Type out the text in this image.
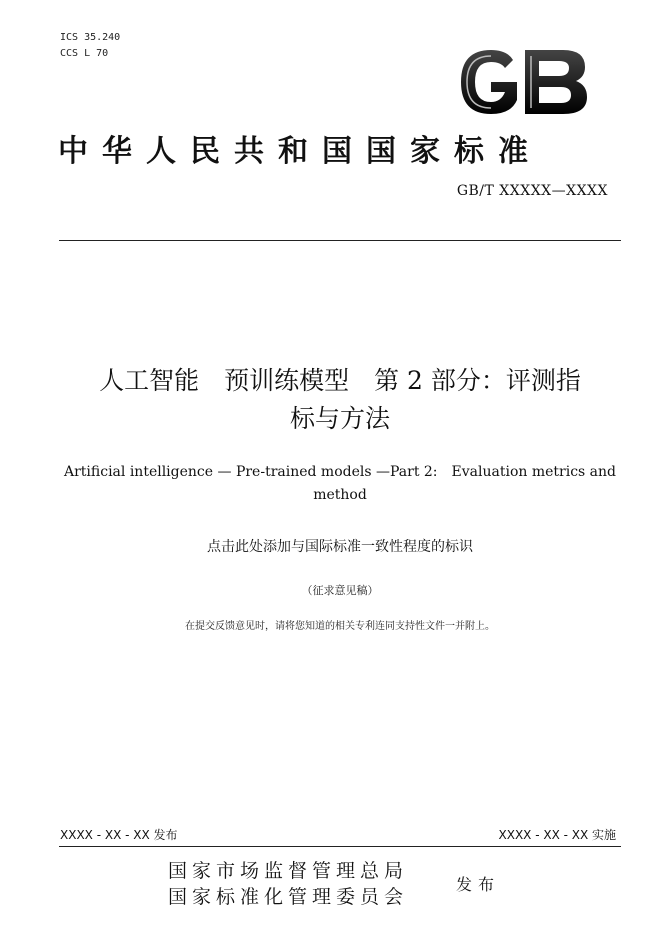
ICS 35.240
CCS L 70
中华人民共和国国家标准
GB/T XXXXX—XXXX
人工智能　预训练模型　第 2 部分：评测指
标与方法
Artificial intelligence — Pre-trained models —Part 2:　Evaluation metrics and
method
点击此处添加与国际标准一致性程度的标识
（征求意见稿）
在提交反馈意见时，请将您知道的相关专利连同支持性文件一并附上。
XXXX - XX - XX 发布	XXXX - XX - XX 实施
国家市场监督管理总局
国家标准化管理委员会
发布
